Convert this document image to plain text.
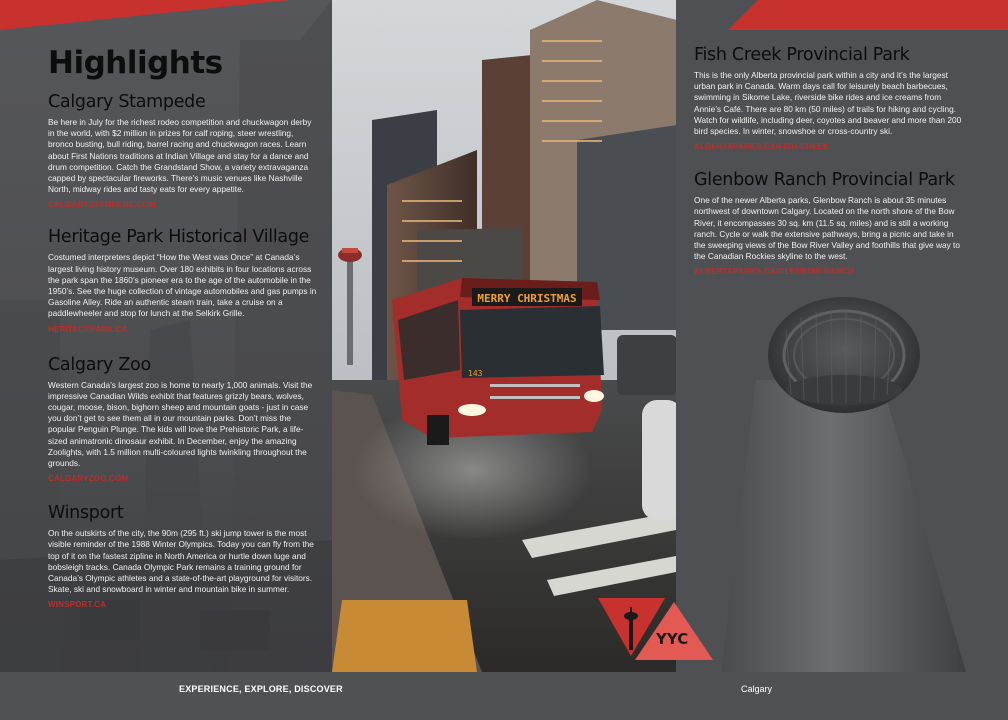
Highlights
Calgary Stampede

Be here in July for the richest rodeo competition and chuckwagon derby in the world, with $2 million in prizes for calf roping, steer wrestling, bronco busting, bull riding, barrel racing and chuckwagon races. Learn about First Nations traditions at Indian Village and stay for a dance and drum competition. Catch the Grandstand Show, a variety extravaganza capped by spectacular fireworks. There’s music venues like Nashville North, midway rides and tasty eats for every appetite.

CALGARYSTAMPEDE.COM
Heritage Park Historical Village

Costumed interpreters depict “How the West was Once” at Canada’s largest living history museum. Over 180 exhibits in four locations across the park span the 1860’s pioneer era to the age of the automobile in the 1950’s. See the huge collection of vintage automobiles and gas pumps in Gasoline Alley. Ride an authentic steam train, take a cruise on a paddlewheeler and stop for lunch at the Selkirk Grille.

HERITAGEPARK.CA
Calgary Zoo

Western Canada’s largest zoo is home to nearly 1,000 animals. Visit the impressive Canadian Wilds exhibit that features grizzly bears, wolves, cougar, moose, bison, bighorn sheep and mountain goats - just in case you don’t get to see them all in our mountain parks. Don’t miss the popular Penguin Plunge. The kids will love the Prehistoric Park, a life-sized animatronic dinosaur exhibit. In December, enjoy the amazing Zoolights, with 1.5 million multi-coloured lights twinkling throughout the grounds.

CALGARYZOO.COM
Winsport

On the outskirts of the city, the 90m (295 ft.) ski jump tower is the most visible reminder of the 1988 Winter Olympics. Today you can fly from the top of it on the fastest zipline in North America or hurtle down luge and bobsleigh tracks. Canada Olympic Park remains a training ground for Canada’s Olympic athletes and a state-of-the-art playground for visitors. Skate, ski and snowboard in winter and mountain bike in summer.

WINSPORT.CA
MERRY CHRISTMAS
143
Fish Creek Provincial Park

This is the only Alberta provincial park within a city and it’s the largest urban park in Canada. Warm days call for leisurely beach barbecues, swimming in Sikome Lake, riverside bike rides and ice creams from Annie’s Café. There are 80 km (50 miles) of trails for hiking and cycling. Watch for wildlife, including deer, coyotes and beaver and more than 200 bird species. In winter, snowshoe or cross-country ski.

ALBERTAPARKS.CA/FISH-CREEK
Glenbow Ranch Provincial Park

One of the newer Alberta parks, Glenbow Ranch is about 35 minutes northwest of downtown Calgary. Located on the north shore of the Bow River, it encompasses 30 sq. km (11.5 sq. miles) and is still a working ranch. Cycle or walk the extensive pathways, bring a picnic and take in the sweeping views of the Bow River Valley and foothills that give way to the Canadian Rockies skyline to the west.

ALBERTAPARKS.CA/GLENBOW-RANCH
YYC
EXPERIENCE, EXPLORE, DISCOVER	Calgary
